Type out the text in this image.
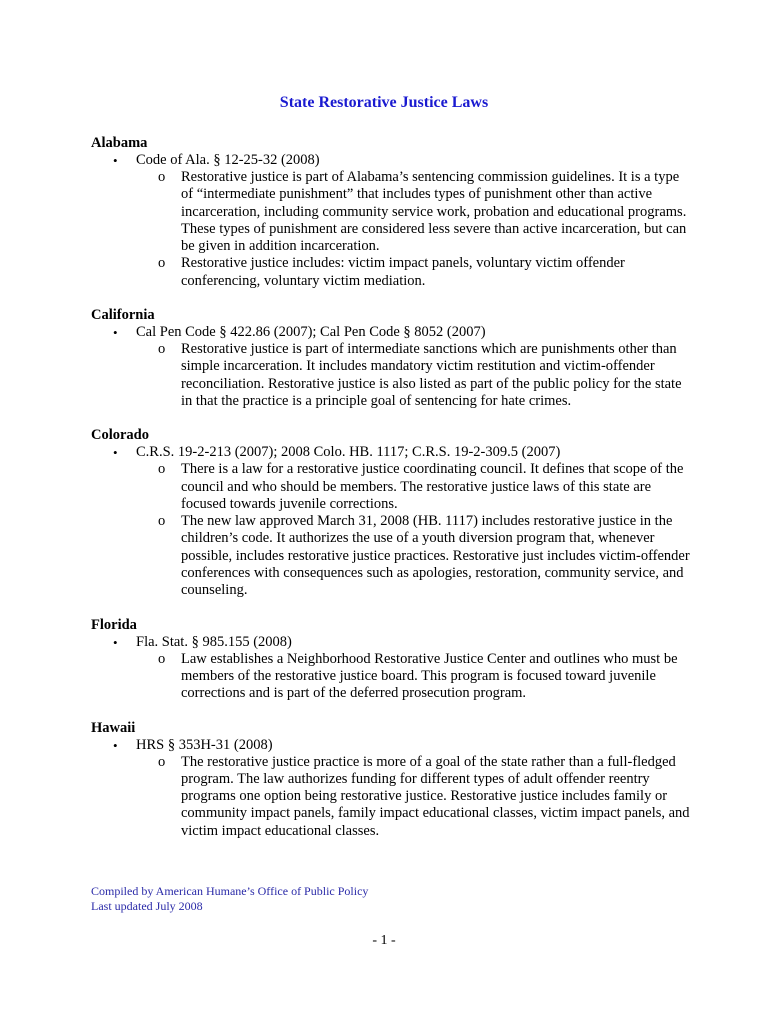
State Restorative Justice Laws

Alabama

• Code of Ala. § 12-25-32 (2008)
o Restorative justice is part of Alabama’s sentencing commission guidelines. It is a type of “intermediate punishment” that includes types of punishment other than active incarceration, including community service work, probation and educational programs. These types of punishment are considered less severe than active incarceration, but can be given in addition incarceration.
o Restorative justice includes: victim impact panels, voluntary victim offender conferencing, voluntary victim mediation.

California

• Cal Pen Code § 422.86 (2007); Cal Pen Code § 8052 (2007)
o Restorative justice is part of intermediate sanctions which are punishments other than simple incarceration. It includes mandatory victim restitution and victim-offender reconciliation. Restorative justice is also listed as part of the public policy for the state in that the practice is a principle goal of sentencing for hate crimes.

Colorado

• C.R.S. 19-2-213 (2007); 2008 Colo. HB. 1117; C.R.S. 19-2-309.5 (2007)
o There is a law for a restorative justice coordinating council. It defines that scope of the council and who should be members. The restorative justice laws of this state are focused towards juvenile corrections.
o The new law approved March 31, 2008 (HB. 1117) includes restorative justice in the children’s code. It authorizes the use of a youth diversion program that, whenever possible, includes restorative justice practices. Restorative just includes victim-offender conferences with consequences such as apologies, restoration, community service, and counseling.

Florida

• Fla. Stat. § 985.155 (2008)
o Law establishes a Neighborhood Restorative Justice Center and outlines who must be members of the restorative justice board. This program is focused toward juvenile corrections and is part of the deferred prosecution program.

Hawaii

• HRS § 353H-31 (2008)
o The restorative justice practice is more of a goal of the state rather than a full-fledged program. The law authorizes funding for different types of adult offender reentry programs one option being restorative justice. Restorative justice includes family or community impact panels, family impact educational classes, victim impact panels, and victim impact educational classes.
Compiled by American Humane’s Office of Public Policy
Last updated July 2008
- 1 -
